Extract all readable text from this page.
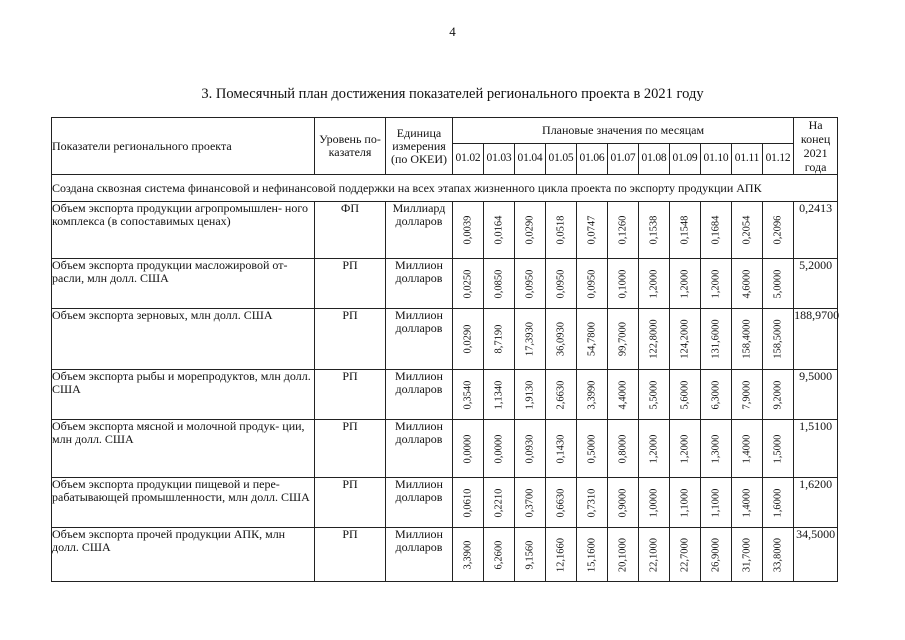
4
3. Помесячный план достижения показателей регионального проекта в 2021 году
Показатели регионального проекта	Уровень по- казателя	Единица измерения (по ОКЕИ)	Плановые значения по месяцам											На конец 2021 года
			01.02	01.03	01.04	01.05	01.06	01.07	01.08	01.09	01.10	01.11	01.12	
Создана сквозная система финансовой и нефинансовой поддержки на всех этапах жизненного цикла проекта по экспорту продукции АПК														
Объем экспорта продукции агропромышлен- ного комплекса (в сопоставимых ценах)	ФП	Миллиард долларов	0,0039	0,0164	0,0290	0,0518	0,0747	0,1260	0,1538	0,1548	0,1684	0,2054	0,2096	0,2413
Объем экспорта продукции масложировой от- расли, млн долл. США	РП	Миллион долларов	0,0250	0,0850	0,0950	0,0950	0,0950	0,1000	1,2000	1,2000	1,2000	4,6000	5,0000	5,2000
Объем экспорта зерновых, млн долл. США	РП	Миллион долларов	0,0290	8,7190	17,3930	36,0930	54,7800	99,7000	122,8000	124,2000	131,6000	158,4000	158,5000	188,9700
Объем экспорта рыбы и морепродуктов, млн долл. США	РП	Миллион долларов	0,3540	1,1340	1,9130	2,6630	3,3990	4,4000	5,5000	5,6000	6,3000	7,9000	9,2000	9,5000
Объем экспорта мясной и молочной продук- ции, млн долл. США	РП	Миллион долларов	0,0000	0,0000	0,0930	0,1430	0,5000	0,8000	1,2000	1,2000	1,3000	1,4000	1,5000	1,5100
Объем экспорта продукции пищевой и пере- рабатывающей промышленности, млн долл. США	РП	Миллион долларов	0,0610	0,2210	0,3700	0,6630	0,7310	0,9000	1,0000	1,1000	1,1000	1,4000	1,6000	1,6200
Объем экспорта прочей продукции АПК, млн долл. США	РП	Миллион долларов	3,3900	6,2600	9,1560	12,1660	15,1600	20,1000	22,1000	22,7000	26,9000	31,7000	33,8000	34,5000
